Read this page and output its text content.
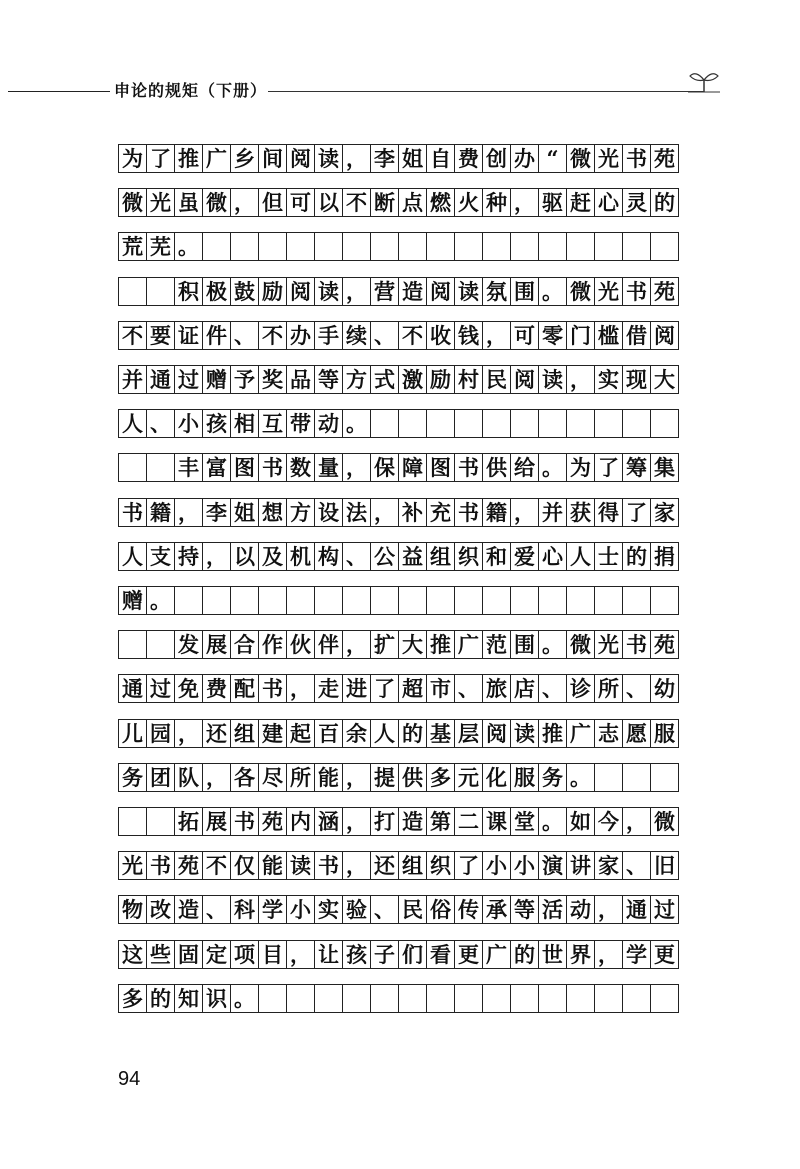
申论的规矩（下册）
为 了 推 广 乡 间 阅 读 ， 李 姐 自 费 创 办 “ 微 光 书 苑
微 光 虽 微 ， 但 可 以 不 断 点 燃 火 种 ， 驱 赶 心 灵 的
荒 芜 。
积 极 鼓 励 阅 读 ， 营 造 阅 读 氛 围 。 微 光 书 苑
不 要 证 件 、 不 办 手 续 、 不 收 钱 ， 可 零 门 槛 借 阅
并 通 过 赠 予 奖 品 等 方 式 激 励 村 民 阅 读 ， 实 现 大
人 、 小 孩 相 互 带 动 。
丰 富 图 书 数 量 ， 保 障 图 书 供 给 。 为 了 筹 集
书 籍 ， 李 姐 想 方 设 法 ， 补 充 书 籍 ， 并 获 得 了 家
人 支 持 ， 以 及 机 构 、 公 益 组 织 和 爱 心 人 士 的 捐
赠 。
发 展 合 作 伙 伴 ， 扩 大 推 广 范 围 。 微 光 书 苑
通 过 免 费 配 书 ， 走 进 了 超 市 、 旅 店 、 诊 所 、 幼
儿 园 ， 还 组 建 起 百 余 人 的 基 层 阅 读 推 广 志 愿 服
务 团 队 ， 各 尽 所 能 ， 提 供 多 元 化 服 务 。
拓 展 书 苑 内 涵 ， 打 造 第 二 课 堂 。 如 今 ， 微
光 书 苑 不 仅 能 读 书 ， 还 组 织 了 小 小 演 讲 家 、 旧
物 改 造 、 科 学 小 实 验 、 民 俗 传 承 等 活 动 ， 通 过
这 些 固 定 项 目 ， 让 孩 子 们 看 更 广 的 世 界 ， 学 更
多 的 知 识 。
94
